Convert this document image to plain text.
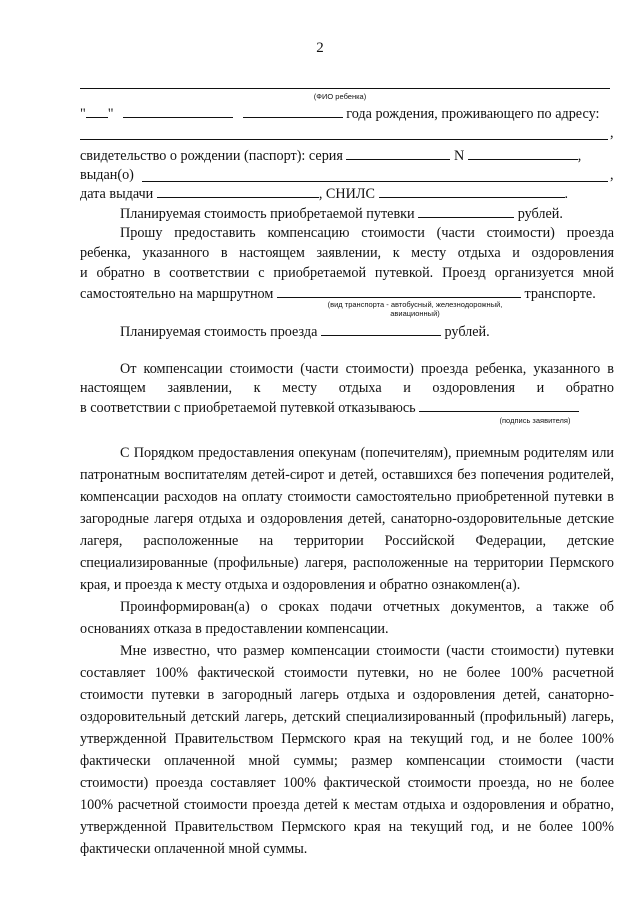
2
(ФИО ребенка)
" "	года рождения, проживающего по адресу:
,
свидетельство о рождении (паспорт): серия	N	,
выдан(о)	,
дата выдачи	, СНИЛС	.
Планируемая стоимость приобретаемой путевки	рублей.
Прошу предоставить компенсацию стоимости (части стоимости) проезда
ребенка, указанного в настоящем заявлении, к месту отдыха и оздоровления
и обратно в соответствии с приобретаемой путевкой. Проезд организуется мной
самостоятельно на маршрутном	транспорте.
(вид транспорта - автобусный, железнодорожный,
авиационный)
Планируемая стоимость проезда	рублей.
От компенсации стоимости (части стоимости) проезда ребенка, указанного в
настоящем заявлении, к месту отдыха и оздоровления и обратно
в соответствии с приобретаемой путевкой отказываюсь
(подпись заявителя)

С Порядком предоставления опекунам (попечителям), приемным родителям или патронатным воспитателям детей-сирот и детей, оставшихся без попечения родителей, компенсации расходов на оплату стоимости самостоятельно приобретенной путевки в загородные лагеря отдыха и оздоровления детей, санаторно-оздоровительные детские лагеря, расположенные на территории Российской Федерации, детские специализированные (профильные) лагеря, расположенные на территории Пермского края, и проезда к месту отдыха и оздоровления и обратно ознакомлен(а).

Проинформирован(а) о сроках подачи отчетных документов, а также об основаниях отказа в предоставлении компенсации.

Мне известно, что размер компенсации стоимости (части стоимости) путевки составляет 100% фактической стоимости путевки, но не более 100% расчетной стоимости путевки в загородный лагерь отдыха и оздоровления детей, санаторно-оздоровительный детский лагерь, детский специализированный (профильный) лагерь, утвержденной Правительством Пермского края на текущий год, и не более 100% фактически оплаченной мной суммы; размер компенсации стоимости (части стоимости) проезда составляет 100% фактической стоимости проезда, но не более 100% расчетной стоимости проезда детей к местам отдыха и оздоровления и обратно, утвержденной Правительством Пермского края на текущий год, и не более 100% фактически оплаченной мной суммы.
